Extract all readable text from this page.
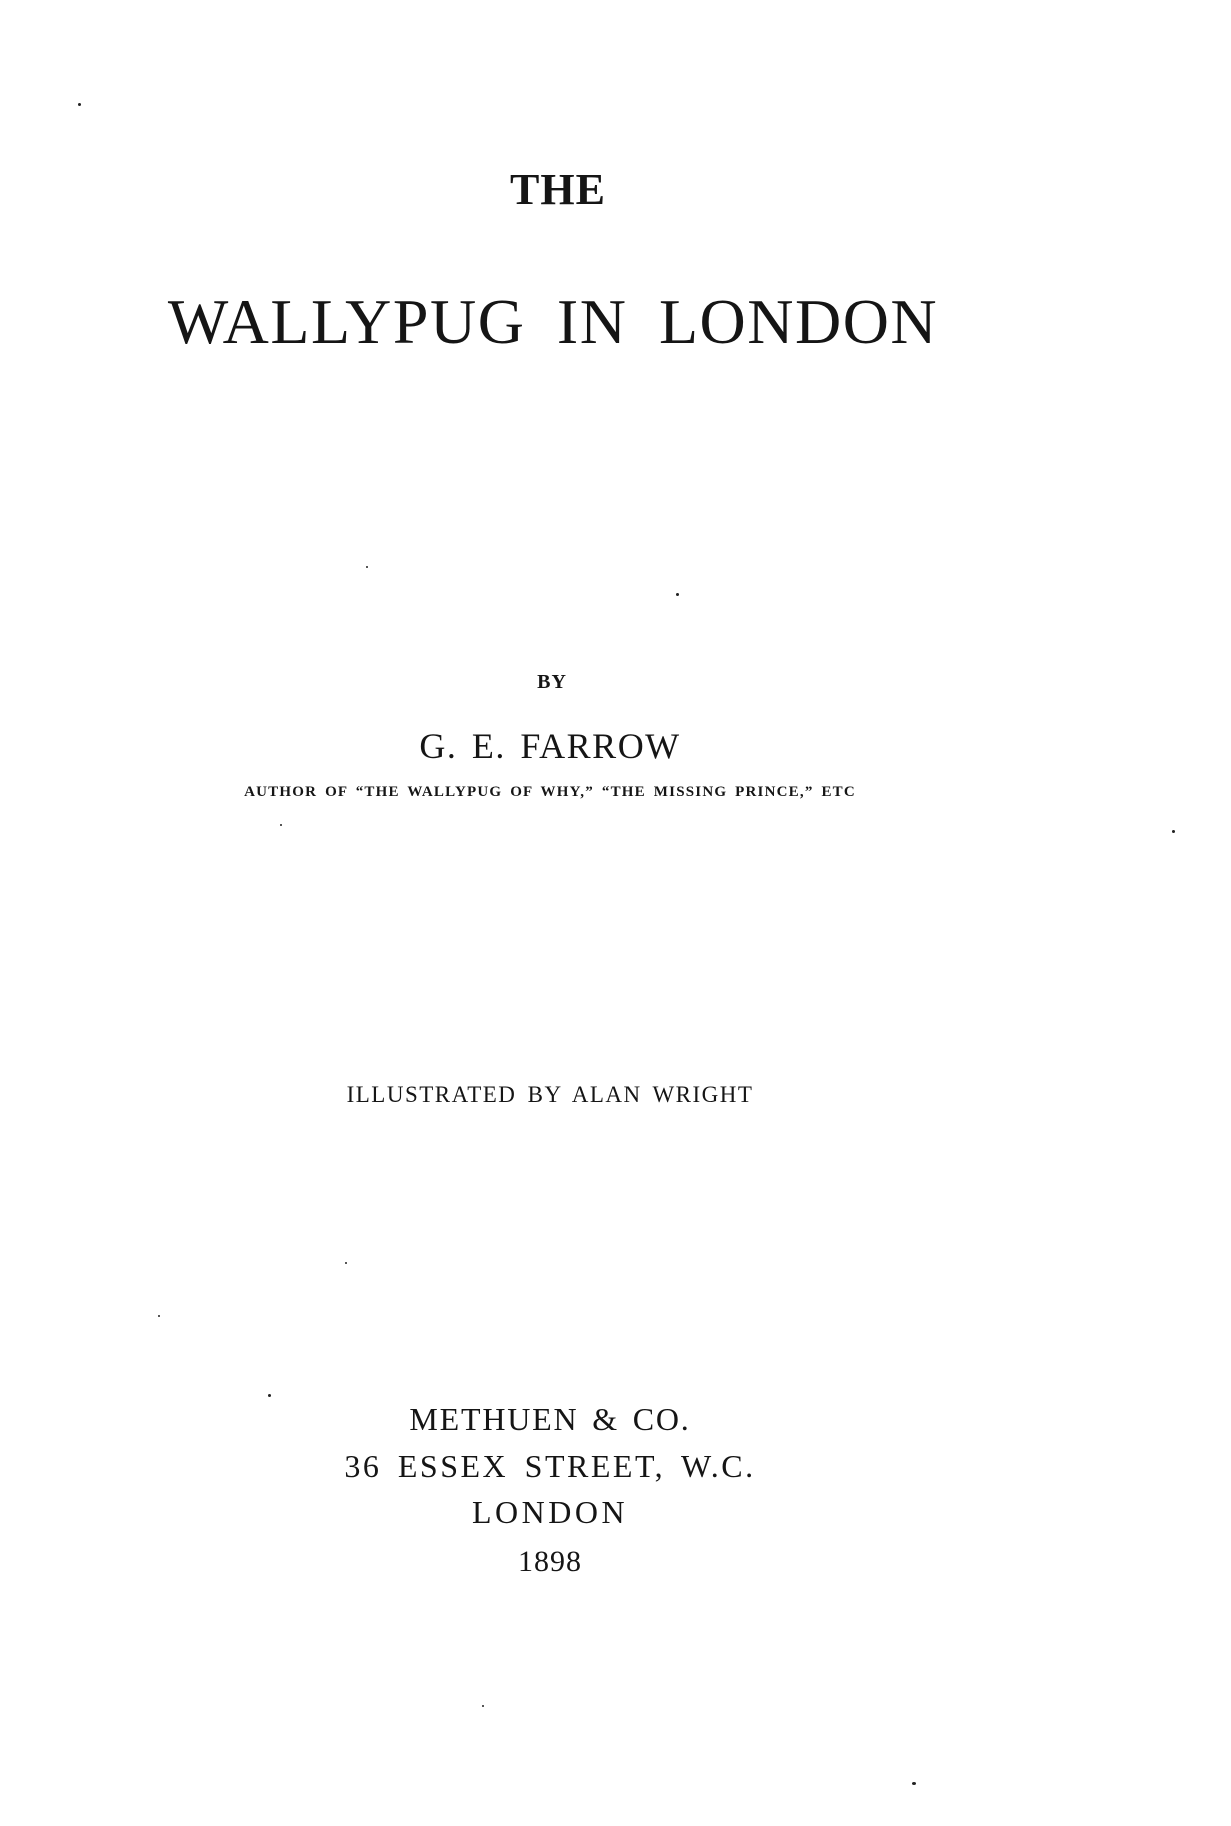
THE
WALLYPUG IN LONDON
BY
G. E. FARROW
AUTHOR OF “THE WALLYPUG OF WHY,” “THE MISSING PRINCE,” ETC
ILLUSTRATED BY ALAN WRIGHT
METHUEN & CO.
36 ESSEX STREET, W.C.
LONDON
1898
